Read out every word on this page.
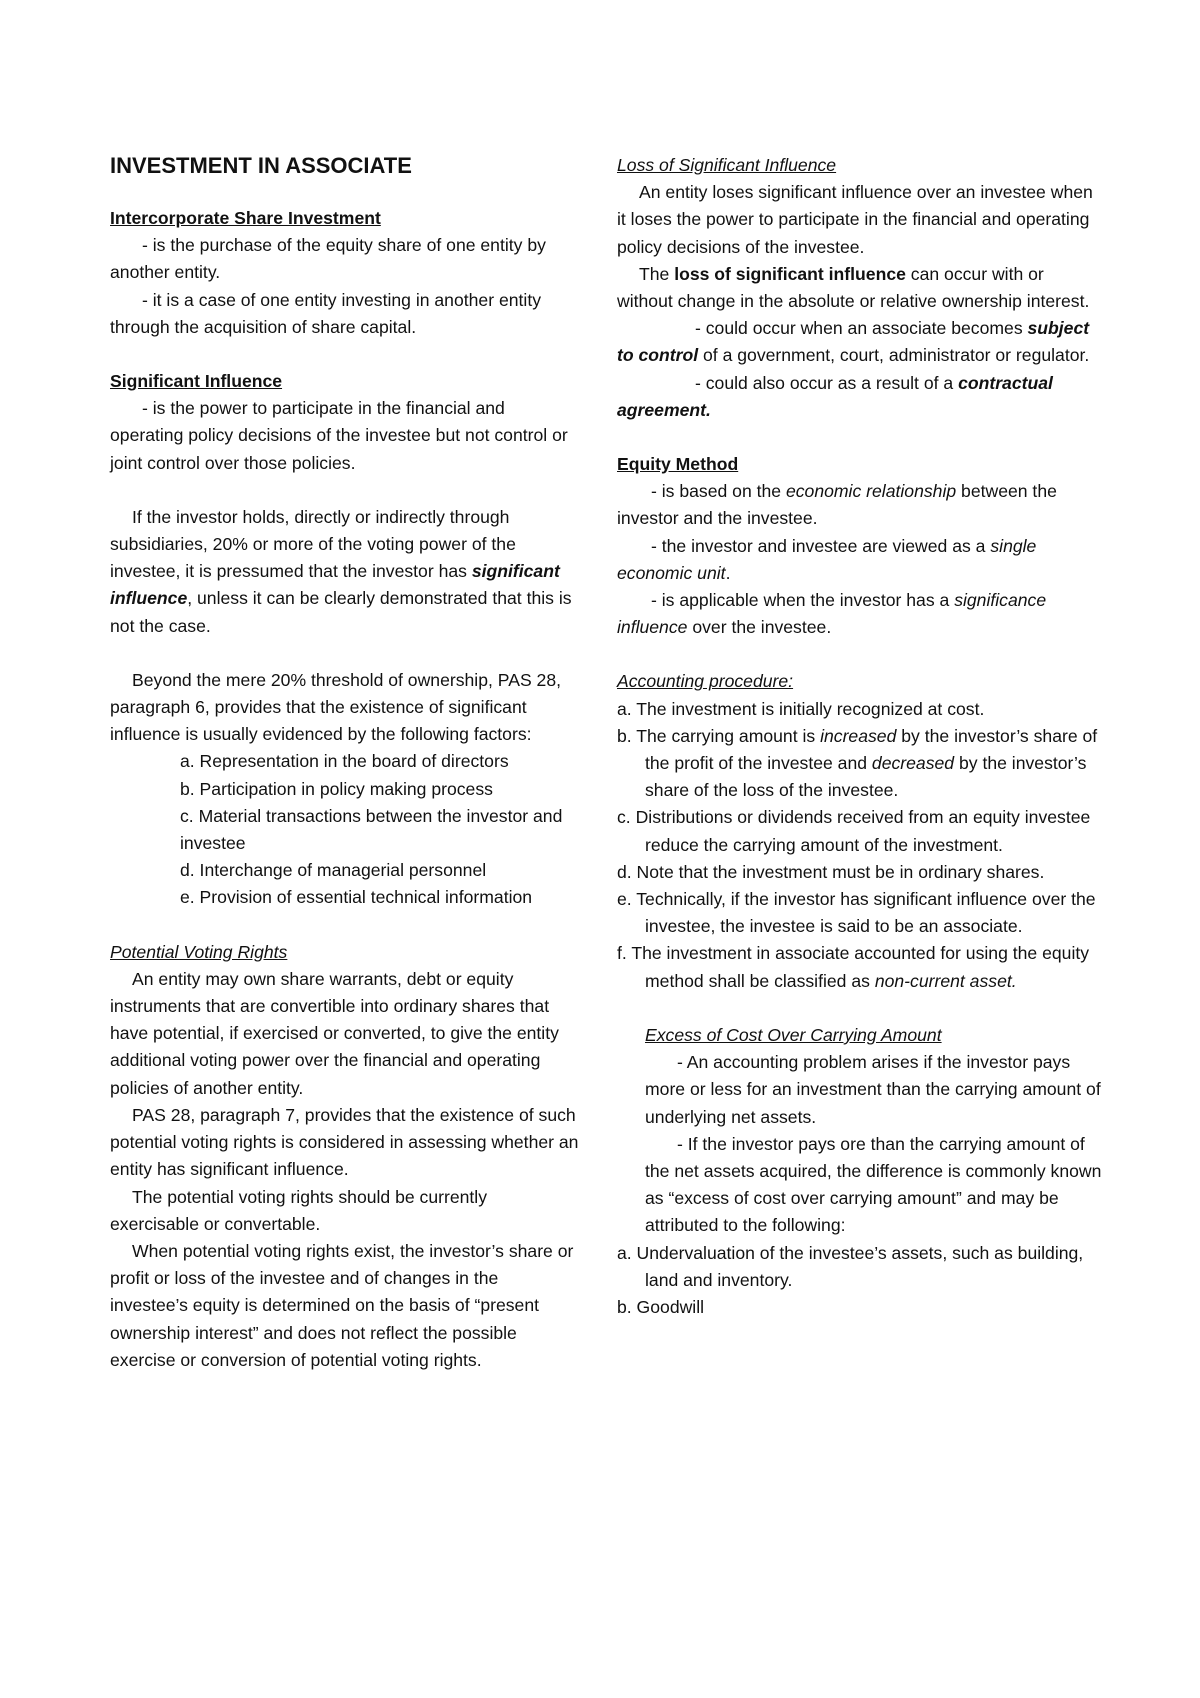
INVESTMENT IN ASSOCIATE

Intercorporate Share Investment

- is the purchase of the equity share of one entity by another entity.

- it is a case of one entity investing in another entity through the acquisition of share capital.

Significant Influence

- is the power to participate in the financial and operating policy decisions of the investee but not control or joint control over those policies.

If the investor holds, directly or indirectly through subsidiaries, 20% or more of the voting power of the investee, it is pressumed that the investor has significant influence, unless it can be clearly demonstrated that this is not the case.

Beyond the mere 20% threshold of ownership, PAS 28, paragraph 6, provides that the existence of significant influence is usually evidenced by the following factors:

a. Representation in the board of directors

b. Participation in policy making process

c. Material transactions between the investor and investee

d. Interchange of managerial personnel

e. Provision of essential technical information

Potential Voting Rights

An entity may own share warrants, debt or equity instruments that are convertible into ordinary shares that have potential, if exercised or converted, to give the entity additional voting power over the financial and operating policies of another entity.

PAS 28, paragraph 7, provides that the existence of such potential voting rights is considered in assessing whether an entity has significant influence.

The potential voting rights should be currently exercisable or convertable.

When potential voting rights exist, the investor’s share or profit or loss of the investee and of changes in the investee’s equity is determined on the basis of “present ownership interest” and does not reflect the possible exercise or conversion of potential voting rights.

Loss of Significant Influence

An entity loses significant influence over an investee when it loses the power to participate in the financial and operating policy decisions of the investee.

The loss of significant influence can occur with or without change in the absolute or relative ownership interest.

- could occur when an associate becomes subject to control of a government, court, administrator or regulator.

- could also occur as a result of a contractual agreement.

Equity Method

- is based on the economic relationship between the investor and the investee.

- the investor and investee are viewed as a single economic unit.

- is applicable when the investor has a significance influence over the investee.

Accounting procedure:

a. The investment is initially recognized at cost.

b. The carrying amount is increased by the investor’s share of the profit of the investee and decreased by the investor’s share of the loss of the investee.

c. Distributions or dividends received from an equity investee reduce the carrying amount of the investment.

d. Note that the investment must be in ordinary shares.

e. Technically, if the investor has significant influence over the investee, the investee is said to be an associate.

f. The investment in associate accounted for using the equity method shall be classified as non-current asset.

Excess of Cost Over Carrying Amount

- An accounting problem arises if the investor pays more or less for an investment than the carrying amount of underlying net assets.

- If the investor pays ore than the carrying amount of the net assets acquired, the difference is commonly known as “excess of cost over carrying amount” and may be attributed to the following:

a. Undervaluation of the investee’s assets, such as building, land and inventory.

b. Goodwill
